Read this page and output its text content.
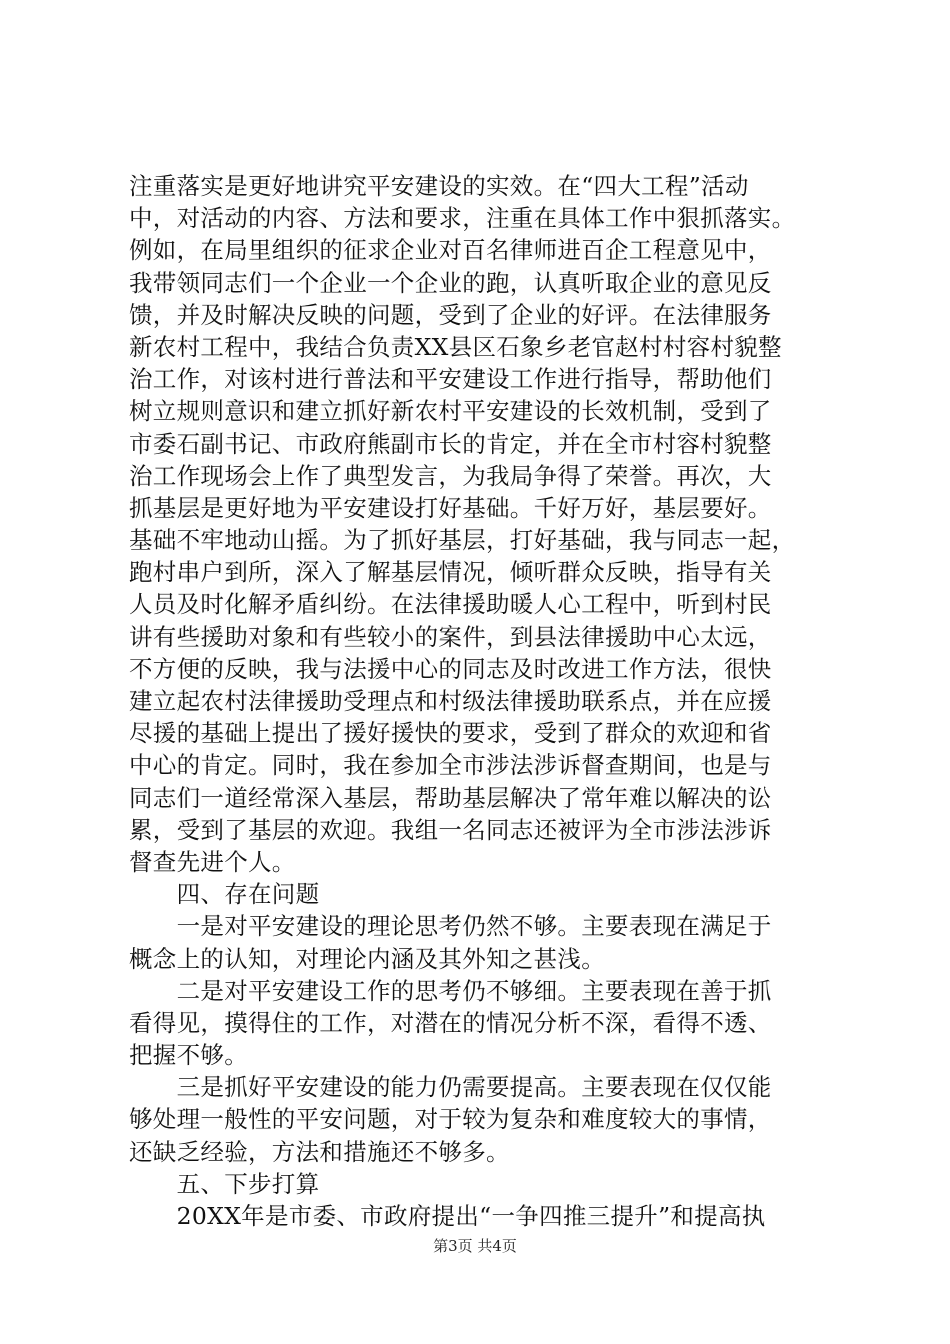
注重落实是更好地讲究平安建设的实效。在“四大工程”活动
中，对活动的内容、方法和要求，注重在具体工作中狠抓落实。
例如，在局里组织的征求企业对百名律师进百企工程意见中，
我带领同志们一个企业一个企业的跑，认真听取企业的意见反
馈，并及时解决反映的问题，受到了企业的好评。在法律服务
新农村工程中，我结合负责XX县区石象乡老官赵村村容村貌整
治工作，对该村进行普法和平安建设工作进行指导，帮助他们
树立规则意识和建立抓好新农村平安建设的长效机制，受到了
市委石副书记、市政府熊副市长的肯定，并在全市村容村貌整
治工作现场会上作了典型发言，为我局争得了荣誉。再次，大
抓基层是更好地为平安建设打好基础。千好万好，基层要好。
基础不牢地动山摇。为了抓好基层，打好基础，我与同志一起，
跑村串户到所，深入了解基层情况，倾听群众反映，指导有关
人员及时化解矛盾纠纷。在法律援助暖人心工程中，听到村民
讲有些援助对象和有些较小的案件，到县法律援助中心太远，
不方便的反映，我与法援中心的同志及时改进工作方法，很快
建立起农村法律援助受理点和村级法律援助联系点，并在应援
尽援的基础上提出了援好援快的要求，受到了群众的欢迎和省
中心的肯定。同时，我在参加全市涉法涉诉督查期间，也是与
同志们一道经常深入基层，帮助基层解决了常年难以解决的讼
累，受到了基层的欢迎。我组一名同志还被评为全市涉法涉诉
督查先进个人。
　　四、存在问题
　　一是对平安建设的理论思考仍然不够。主要表现在满足于
概念上的认知，对理论内涵及其外知之甚浅。
　　二是对平安建设工作的思考仍不够细。主要表现在善于抓
看得见，摸得住的工作，对潜在的情况分析不深，看得不透、
把握不够。
　　三是抓好平安建设的能力仍需要提高。主要表现在仅仅能
够处理一般性的平安问题，对于较为复杂和难度较大的事情，
还缺乏经验，方法和措施还不够多。
　　五、下步打算
　　20XX年是市委、市政府提出“一争四推三提升”和提高执
第3页 共4页
